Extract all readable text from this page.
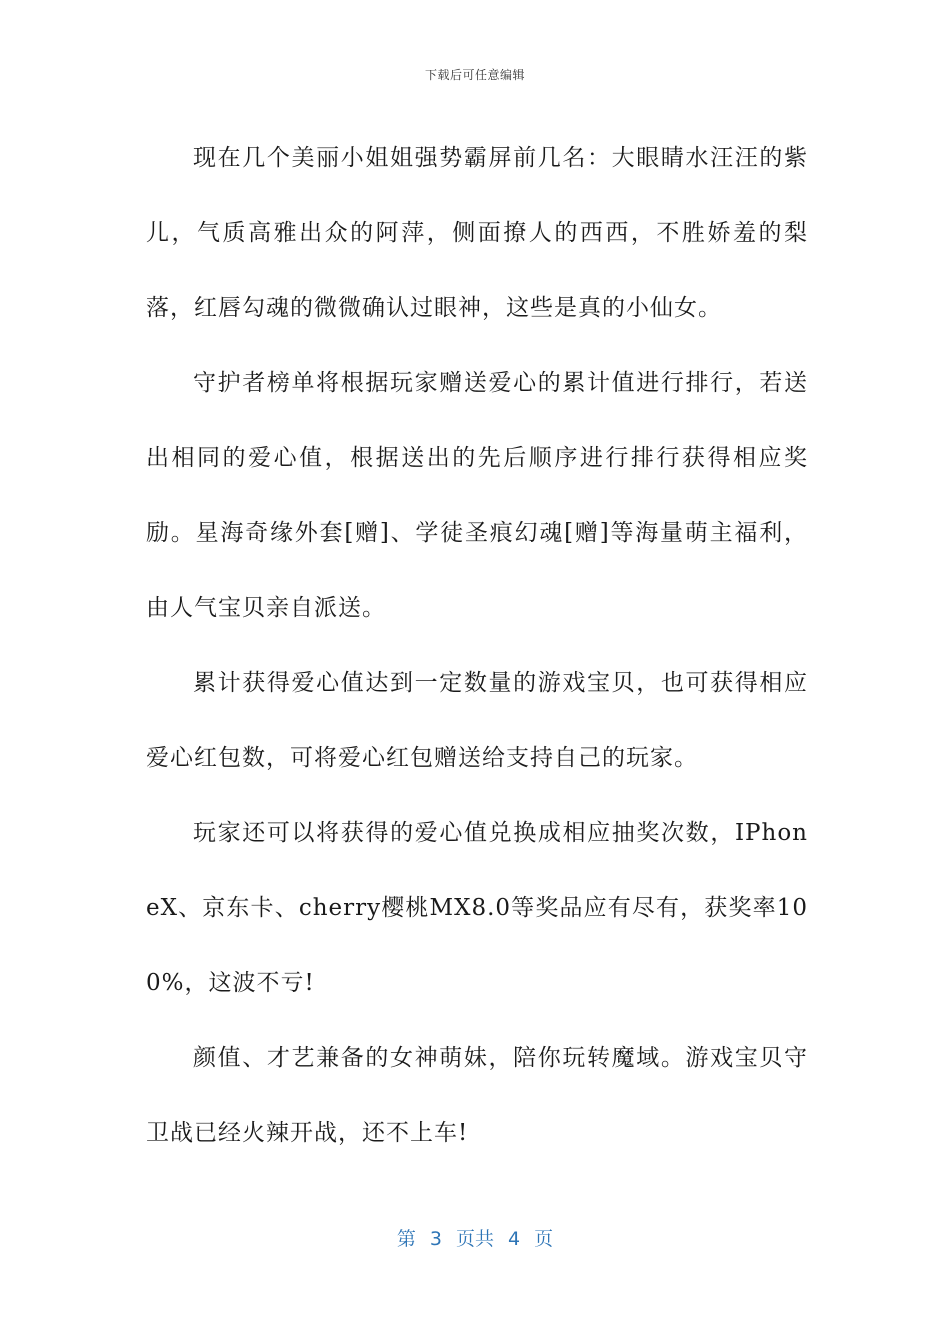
下载后可任意编辑

现在几个美丽小姐姐强势霸屏前几名：大眼睛水汪汪的紫儿，气质高雅出众的阿萍，侧面撩人的西西，不胜娇羞的梨落，红唇勾魂的微微确认过眼神，这些是真的小仙女。

守护者榜单将根据玩家赠送爱心的累计值进行排行，若送出相同的爱心值，根据送出的先后顺序进行排行获得相应奖励。星海奇缘外套[赠]、学徒圣痕幻魂[赠]等海量萌主福利，由人气宝贝亲自派送。

累计获得爱心值达到一定数量的游戏宝贝，也可获得相应爱心红包数，可将爱心红包赠送给支持自己的玩家。

玩家还可以将获得的爱心值兑换成相应抽奖次数，IPhoneX、京东卡、cherry樱桃MX8.0等奖品应有尽有，获奖率100%，这波不亏!

颜值、才艺兼备的女神萌妹，陪你玩转魔域。游戏宝贝守卫战已经火辣开战，还不上车!

第 3 页共 4 页
